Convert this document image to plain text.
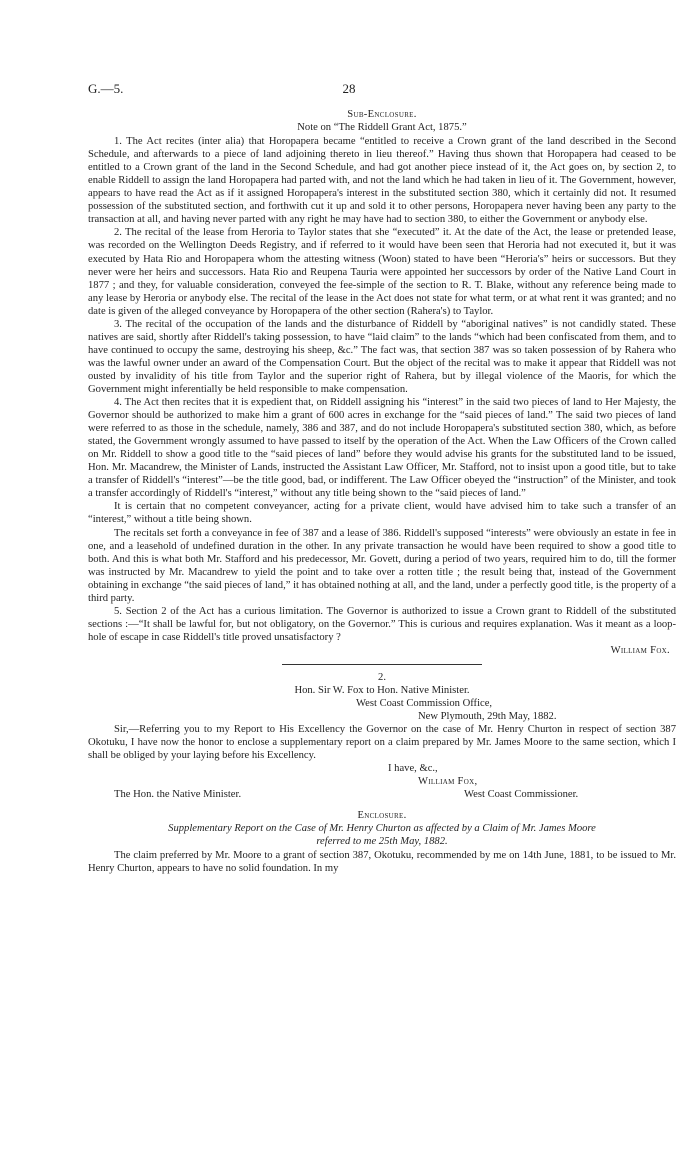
G.—5.	28
Sub-Enclosure.
Note on “The Riddell Grant Act, 1875.”

1. The Act recites (inter alia) that Horopapera became “entitled to receive a Crown grant of the land described in the Second Schedule, and afterwards to a piece of land adjoining thereto in lieu thereof.” Having thus shown that Horopapera had ceased to be entitled to a Crown grant of the land in the Second Schedule, and had got another piece instead of it, the Act goes on, by section 2, to enable Riddell to assign the land Horopapera had parted with, and not the land which he had taken in lieu of it. The Government, however, appears to have read the Act as if it assigned Horopapera's interest in the substituted section 380, which it certainly did not. It resumed possession of the substituted section, and forthwith cut it up and sold it to other persons, Horopapera never having been any party to the transaction at all, and having never parted with any right he may have had to section 380, to either the Government or anybody else.

2. The recital of the lease from Heroria to Taylor states that she “executed” it. At the date of the Act, the lease or pretended lease, was recorded on the Wellington Deeds Registry, and if referred to it would have been seen that Heroria had not executed it, but it was executed by Hata Rio and Horopapera whom the attesting witness (Woon) stated to have been “Heroria's” heirs or successors. But they never were her heirs and successors. Hata Rio and Reupena Tauria were appointed her successors by order of the Native Land Court in 1877 ; and they, for valuable consideration, conveyed the fee-simple of the section to R. T. Blake, without any reference being made to any lease by Heroria or anybody else. The recital of the lease in the Act does not state for what term, or at what rent it was granted; and no date is given of the alleged conveyance by Horopapera of the other section (Rahera's) to Taylor.

3. The recital of the occupation of the lands and the disturbance of Riddell by “aboriginal natives” is not candidly stated. These natives are said, shortly after Riddell's taking possession, to have “laid claim” to the lands “which had been confiscated from them, and to have continued to occupy the same, destroying his sheep, &c.” The fact was, that section 387 was so taken possession of by Rahera who was the lawful owner under an award of the Compensation Court. But the object of the recital was to make it appear that Riddell was not ousted by invalidity of his title from Taylor and the superior right of Rahera, but by illegal violence of the Maoris, for which the Government might inferentially be held responsible to make compensation.

4. The Act then recites that it is expedient that, on Riddell assigning his “interest” in the said two pieces of land to Her Majesty, the Governor should be authorized to make him a grant of 600 acres in exchange for the “said pieces of land.” The said two pieces of land were referred to as those in the schedule, namely, 386 and 387, and do not include Horopapera's substituted section 380, which, as before stated, the Government wrongly assumed to have passed to itself by the operation of the Act. When the Law Officers of the Crown called on Mr. Riddell to show a good title to the “said pieces of land” before they would advise his grants for the substituted land to be issued, Hon. Mr. Macandrew, the Minister of Lands, instructed the Assistant Law Officer, Mr. Stafford, not to insist upon a good title, but to take a transfer of Riddell's “interest”—be the title good, bad, or indifferent. The Law Officer obeyed the “instruction” of the Minister, and took a transfer accordingly of Riddell's “interest,” without any title being shown to the “said pieces of land.”

It is certain that no competent conveyancer, acting for a private client, would have advised him to take such a transfer of an “interest,” without a title being shown.

The recitals set forth a conveyance in fee of 387 and a lease of 386. Riddell's supposed “interests” were obviously an estate in fee in one, and a leasehold of undefined duration in the other. In any private transaction he would have been required to show a good title to both. And this is what both Mr. Stafford and his predecessor, Mr. Govett, during a period of two years, required him to do, till the former was instructed by Mr. Macandrew to yield the point and to take over a rotten title ; the result being that, instead of the Government obtaining in exchange “the said pieces of land,” it has obtained nothing at all, and the land, under a perfectly good title, is the property of a third party.

5. Section 2 of the Act has a curious limitation. The Governor is authorized to issue a Crown grant to Riddell of the substituted sections :—“It shall be lawful for, but not obligatory, on the Governor.” This is curious and requires explanation. Was it meant as a loop-hole of escape in case Riddell's title proved unsatisfactory ?

William Fox.
2.
Hon. Sir W. Fox to Hon. Native Minister.
West Coast Commission Office,
New Plymouth, 29th May, 1882.

Sir,—Referring you to my Report to His Excellency the Governor on the case of Mr. Henry Churton in respect of section 387 Okotuku, I have now the honor to enclose a supplementary report on a claim prepared by Mr. James Moore to the same section, which I shall be obliged by your laying before his Excellency.

I have, &c.,
William Fox,
The Hon. the Native Minister.	West Coast Commissioner.
Enclosure.
Supplementary Report on the Case of Mr. Henry Churton as affected by a Claim of Mr. James Moore
referred to me 25th May, 1882.

The claim preferred by Mr. Moore to a grant of section 387, Okotuku, recommended by me on 14th June, 1881, to be issued to Mr. Henry Churton, appears to have no solid foundation. In my
